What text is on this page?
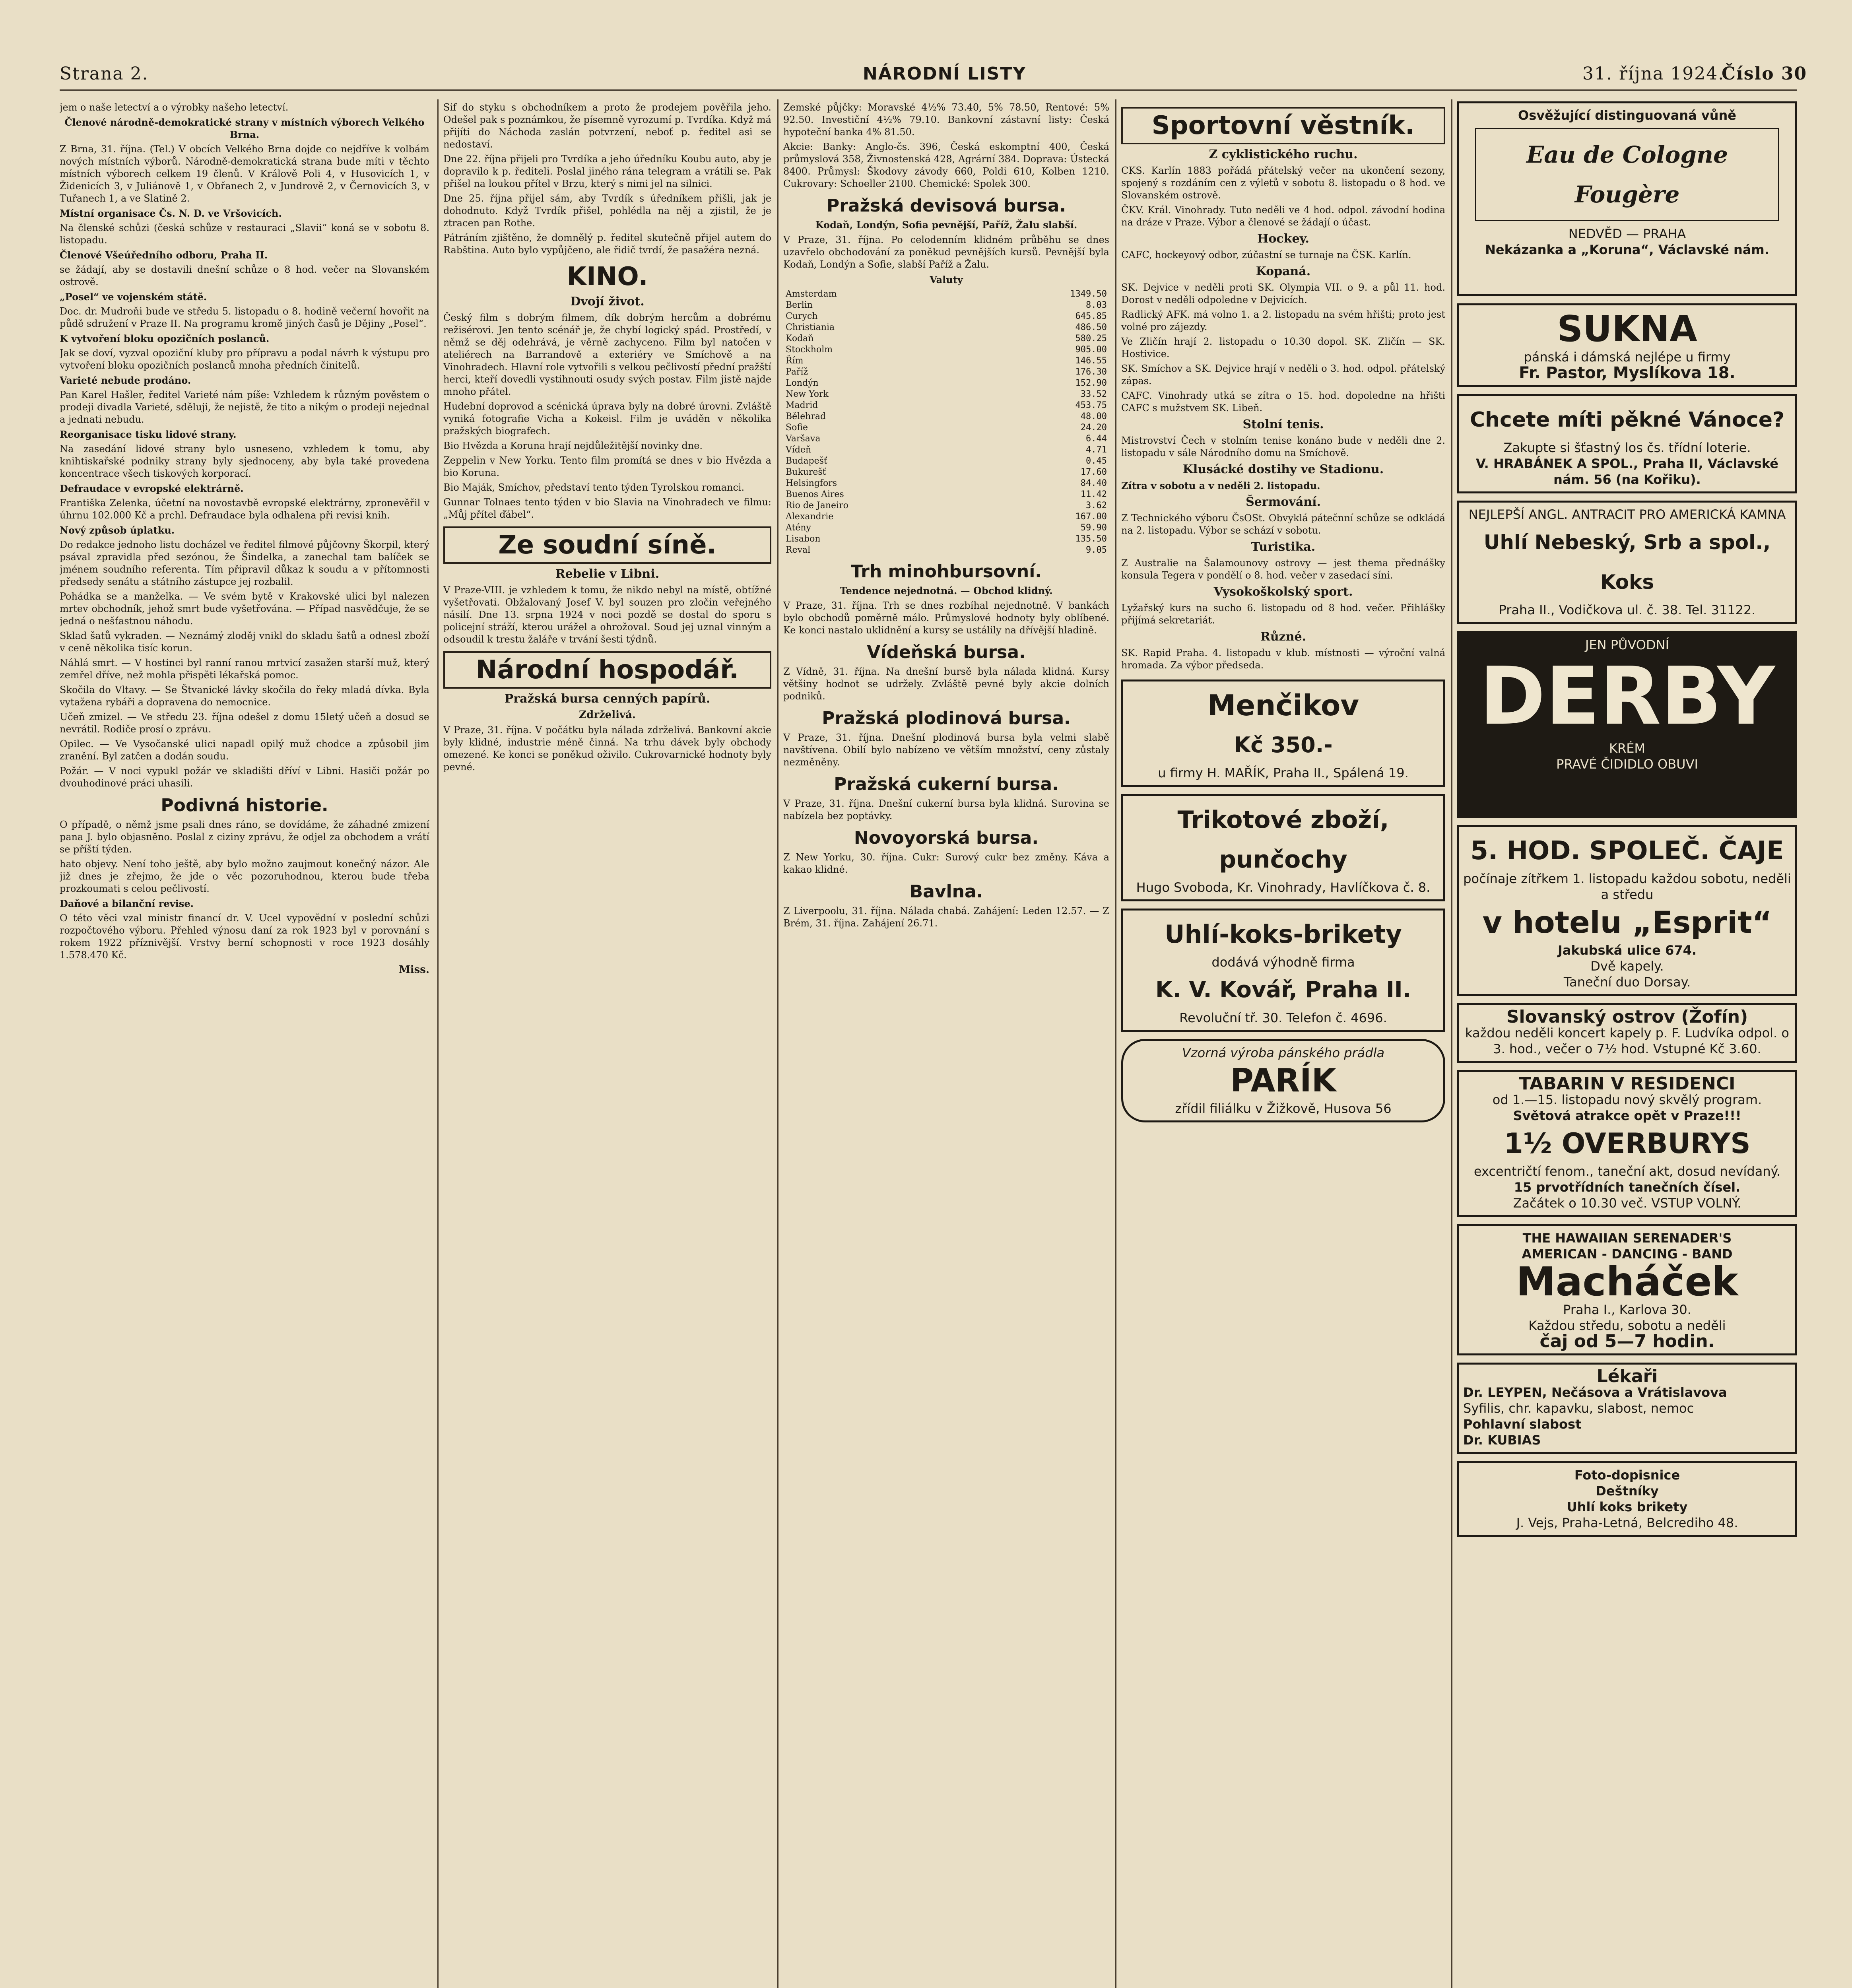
Strana 2.	NÁRODNÍ LISTY	31. října 1924.
Číslo 30

jem o naše letectví a o výrobky našeho letectví.

Členové národně-demokratické strany v místních výborech Velkého Brna.

Z Brna, 31. října. (Tel.) V obcích Velkého Brna dojde co nejdříve k volbám nových místních výborů. Národně-demokratická strana bude míti v těchto místních výborech celkem 19 členů. V Králově Poli 4, v Husovicích 1, v Židenicích 3, v Juliánově 1, v Obřanech 2, v Jundrově 2, v Černovicích 3, v Tuřanech 1, a ve Slatině 2.

Místní organisace Čs. N. D. ve Vršovicích.

Na členské schůzi (česká schůze v restauraci „Slavii“ koná se v sobotu 8. listopadu.

Členové Všeúředního odboru, Praha II.

se žádají, aby se dostavili dnešní schůze o 8 hod. večer na Slovanském ostrově.

„Posel“ ve vojenském státě.

Doc. dr. Mudroňi bude ve středu 5. listopadu o 8. hodině večerní hovořit na půdě sdružení v Praze II. Na programu kromě jiných časů je Dějiny „Posel“.

K vytvoření bloku opozičních poslanců.

Jak se doví, vyzval opoziční kluby pro přípravu a podal návrh k výstupu pro vytvoření bloku opozičních poslanců mnoha předních činitelů.

Varieté nebude prodáno.

Pan Karel Hašler, ředitel Varieté nám píše: Vzhledem k různým pověstem o prodeji divadla Varieté, sděluji, že nejistě, že tito a nikým o prodeji nejednal a jednati nebudu.

Reorganisace tisku lidové strany.

Na zasedání lidové strany bylo usneseno, vzhledem k tomu, aby knihtiskařské podniky strany byly sjednoceny, aby byla také provedena koncentrace všech tiskových korporací.

Defraudace v evropské elektrárně.

Františka Zelenka, účetní na novostavbě evropské elektrárny, zpronevěřil v úhrnu 102.000 Kč a prchl. Defraudace byla odhalena při revisi knih.

Nový způsob úplatku.

Do redakce jednoho listu docházel ve ředitel filmové půjčovny Škorpil, který psával zpravidla před sezónou, že Šindelka, a zanechal tam balíček se jménem soudního referenta. Tím připravil důkaz k soudu a v přítomnosti předsedy senátu a státního zástupce jej rozbalil.

Pohádka se a manželka. — Ve svém bytě v Krakovské ulici byl nalezen mrtev obchodník, jehož smrt bude vyšetřována. — Případ nasvědčuje, že se jedná o nešťastnou náhodu.

Sklad šatů vykraden. — Neznámý zloděj vnikl do skladu šatů a odnesl zboží v ceně několika tisíc korun.

Náhlá smrt. — V hostinci byl ranní ranou mrtvicí zasažen starší muž, který zemřel dříve, než mohla přispěti lékařská pomoc.

Skočila do Vltavy. — Se Štvanické lávky skočila do řeky mladá dívka. Byla vytažena rybáři a dopravena do nemocnice.

Učeň zmizel. — Ve středu 23. října odešel z domu 15letý učeň a dosud se nevrátil. Rodiče prosí o zprávu.

Opilec. — Ve Vysočanské ulici napadl opilý muž chodce a způsobil jim zranění. Byl zatčen a dodán soudu.

Požár. — V noci vypukl požár ve skladišti dříví v Libni. Hasiči požár po dvouhodinové práci uhasili.

Podivná historie.

O případě, o němž jsme psali dnes ráno, se dovídáme, že záhadné zmizení pana J. bylo objasněno. Poslal z ciziny zprávu, že odjel za obchodem a vrátí se příští týden.

hato objevy. Není toho ještě, aby bylo možno zaujmout konečný názor. Ale již dnes je zřejmo, že jde o věc pozoruhodnou, kterou bude třeba prozkoumati s celou pečlivostí.

Daňové a bilanční revise.

O této věci vzal ministr financí dr. V. Ucel vypovědní v poslední schůzi rozpočtového výboru. Přehled výnosu daní za rok 1923 byl v porovnání s rokem 1922 příznivější. Vrstvy berní schopnosti v roce 1923 dosáhly 1.578.470 Kč.

Miss.

Sif do styku s obchodníkem a proto že prodejem pověřila jeho. Odešel pak s poznámkou, že písemně vyrozumí p. Tvrdíka. Když má přijíti do Náchoda zaslán potvrzení, neboť p. ředitel asi se nedostaví.

Dne 22. října přijeli pro Tvrdíka a jeho úředníku Koubu auto, aby je dopravilo k p. řediteli. Poslal jiného rána telegram a vrátili se. Pak přišel na loukou přítel v Brzu, který s nimi jel na silnici.

Dne 25. října přijel sám, aby Tvrdík s úředníkem přišli, jak je dohodnuto. Když Tvrdík přišel, pohlédla na něj a zjistil, že je ztracen pan Rothe.

Pátráním zjištěno, že domnělý p. ředitel skutečně přijel autem do Rabština. Auto bylo vypůjčeno, ale řidič tvrdí, že pasažéra nezná.

KINO.
Dvojí život.

Český film s dobrým filmem, dík dobrým hercům a dobrému režisérovi. Jen tento scénář je, že chybí logický spád. Prostředí, v němž se děj odehrává, je věrně zachyceno. Film byl natočen v ateliérech na Barrandově a exteriéry ve Smíchově a na Vinohradech. Hlavní role vytvořili s velkou pečlivostí přední pražští herci, kteří dovedli vystihnouti osudy svých postav. Film jistě najde mnoho přátel.

Hudební doprovod a scénická úprava byly na dobré úrovni. Zvláště vyniká fotografie Vicha a Kokeisl. Film je uváděn v několika pražských biografech.

Bio Hvězda a Koruna hrají nejdůležitější novinky dne.

Zeppelin v New Yorku. Tento film promítá se dnes v bio Hvězda a bio Koruna.

Bio Maják, Smíchov, představí tento týden Tyrolskou romanci.

Gunnar Tolnaes tento týden v bio Slavia na Vinohradech ve filmu: „Můj přítel ďábel“.

Ze soudní síně.
Rebelie v Libni.

V Praze-VIII. je vzhledem k tomu, že nikdo nebyl na místě, obtížné vyšetřovati. Obžalovaný Josef V. byl souzen pro zločin veřejného násilí. Dne 13. srpna 1924 v noci pozdě se dostal do sporu s policejní stráží, kterou urážel a ohrožoval. Soud jej uznal vinným a odsoudil k trestu žaláře v trvání šesti týdnů.

Národní hospodář.
Pražská bursa cenných papírů.
Zdrželivá.

V Praze, 31. října. V počátku byla nálada zdrželivá. Bankovní akcie byly klidné, industrie méně činná. Na trhu dávek byly obchody omezené. Ke konci se poněkud oživilo. Cukrovarnické hodnoty byly pevné.

Zemské půjčky: Moravské 4½% 73.40, 5% 78.50, Rentové: 5% 92.50. Investiční 4½% 79.10. Bankovní zástavní listy: Česká hypoteční banka 4% 81.50.

Akcie: Banky: Anglo-čs. 396, Česká eskomptní 400, Česká průmyslová 358, Živnostenská 428, Agrární 384. Doprava: Ústecká 8400. Průmysl: Škodovy závody 660, Poldi 610, Kolben 1210. Cukrovary: Schoeller 2100. Chemické: Spolek 300.

Pražská devisová bursa.
Kodaň, Londýn, Sofia pevnější, Paříž, Žalu slabší.

V Praze, 31. října. Po celodenním klidném průběhu se dnes uzavřelo obchodování za poněkud pevnějších kursů. Pevnější byla Kodaň, Londýn a Sofie, slabší Paříž a Žalu.

Valuty
Amsterdam	1349.50
Berlin	8.03
Curych	645.85
Christiania	486.50
Kodaň	580.25
Stockholm	905.00
Řím	146.55
Paříž	176.30
Londýn	152.90
New York	33.52
Madrid	453.75
Bělehrad	48.00
Sofie	24.20
Varšava	6.44
Vídeň	4.71
Budapešť	0.45
Bukurešť	17.60
Helsingfors	84.40
Buenos Aires	11.42
Rio de Janeiro	3.62
Alexandrie	167.00
Atény	59.90
Lisabon	135.50
Reval	9.05
Trh minohbursovní.
Tendence nejednotná. — Obchod klidný.

V Praze, 31. října. Trh se dnes rozbíhal nejednotně. V bankách bylo obchodů poměrně málo. Průmyslové hodnoty byly oblíbené. Ke konci nastalo uklidnění a kursy se ustálily na dřívější hladině.

Vídeňská bursa.

Z Vídně, 31. října. Na dnešní bursě byla nálada klidná. Kursy většiny hodnot se udržely. Zvláště pevné byly akcie dolních podniků.

Pražská plodinová bursa.

V Praze, 31. října. Dnešní plodinová bursa byla velmi slabě navštívena. Obilí bylo nabízeno ve větším množství, ceny zůstaly nezměněny.

Pražská cukerní bursa.

V Praze, 31. října. Dnešní cukerní bursa byla klidná. Surovina se nabízela bez poptávky.

Novoyorská bursa.

Z New Yorku, 30. října. Cukr: Surový cukr bez změny. Káva a kakao klidné.

Bavlna.

Z Liverpoolu, 31. října. Nálada chabá. Zahájení: Leden 12.57. — Z Brém, 31. října. Zahájení 26.71.

Sportovní věstník.
Z cyklistického ruchu.

CKS. Karlín 1883 pořádá přátelský večer na ukončení sezony, spojený s rozdáním cen z výletů v sobotu 8. listopadu o 8 hod. ve Slovanském ostrově.

ČKV. Král. Vinohrady. Tuto neděli ve 4 hod. odpol. závodní hodina na dráze v Praze. Výbor a členové se žádají o účast.

Hockey.

CAFC, hockeyový odbor, zúčastní se turnaje na ČSK. Karlín.

Kopaná.

SK. Dejvice v neděli proti SK. Olympia VII. o 9. a půl 11. hod. Dorost v neděli odpoledne v Dejvicích.

Radlický AFK. má volno 1. a 2. listopadu na svém hřišti; proto jest volné pro zájezdy.

Ve Zličín hrají 2. listopadu o 10.30 dopol. SK. Zličín — SK. Hostivice.

SK. Smíchov a SK. Dejvice hrají v neděli o 3. hod. odpol. přátelský zápas.

CAFC. Vinohrady utká se zítra o 15. hod. dopoledne na hřišti CAFC s mužstvem SK. Libeň.

Stolní tenis.

Mistrovství Čech v stolním tenise konáno bude v neděli dne 2. listopadu v sále Národního domu na Smíchově.

Klusácké dostihy ve Stadionu.

Zítra v sobotu a v neděli 2. listopadu.

Šermování.

Z Technického výboru ČsOSt. Obvyklá pátečnní schůze se odkládá na 2. listopadu. Výbor se schází v sobotu.

Turistika.

Z Australie na Šalamounovy ostrovy — jest thema přednášky konsula Tegera v pondělí o 8. hod. večer v zasedací síni.

Vysokoškolský sport.

Lyžařský kurs na sucho 6. listopadu od 8 hod. večer. Přihlášky přijímá sekretariát.

Různé.

SK. Rapid Praha. 4. listopadu v klub. místnosti — výroční valná hromada. Za výbor předseda.

Menčikov
Kč 350.-
u firmy H. MAŘÍK, Praha II., Spálená 19.
Trikotové zboží, punčochy
Hugo Svoboda, Kr. Vinohrady, Havlíčkova č. 8.
Uhlí-koks-brikety
dodává výhodně firma
K. V. Kovář, Praha II.
Revoluční tř. 30. Telefon č. 4696.
Vzorná výroba pánského prádla
PARÍK
zřídil filiálku v Žižkově, Husova 56
Osvěžující distinguovaná vůně
Eau de Cologne Fougère
NEDVĚD — PRAHA
Nekázanka a „Koruna“, Václavské nám.
SUKNA
pánská i dámská nejlépe u firmy
Fr. Pastor, Myslíkova 18.
Chcete míti pěkné Vánoce?
Zakupte si šťastný los čs. třídní loterie.
V. HRABÁNEK A SPOL., Praha II, Václavské nám. 56 (na Kořiku).
NEJLEPŠÍ ANGL. ANTRACIT PRO AMERICKÁ KAMNA
Uhlí Nebeský, Srb a spol., Koks
Praha II., Vodičkova ul. č. 38. Tel. 31122.
JEN PŮVODNÍ
DERBY
KRÉM
PRAVÉ ČIDIDLO OBUVI
5. HOD. SPOLEČ. ČAJE
počínaje zítřkem 1. listopadu každou sobotu, neděli a středu
v hotelu „Esprit“
Jakubská ulice 674.
Dvě kapely.
Taneční duo Dorsay.
Slovanský ostrov (Žofín)
každou neděli koncert kapely p. F. Ludvíka odpol. o 3. hod., večer o 7½ hod. Vstupné Kč 3.60.
TABARIN V RESIDENCI
od 1.—15. listopadu nový skvělý program.
Světová atrakce opět v Praze!!!
1½ OVERBURYS
excentričtí fenom., taneční akt, dosud nevídaný.
15 prvotřídních tanečních čísel.
Začátek o 10.30 več. VSTUP VOLNÝ.
THE HAWAIIAN SERENADER'S
AMERICAN - DANCING - BAND
Macháček
Praha I., Karlova 30.
Každou středu, sobotu a neděli
čaj od 5—7 hodin.
Lékaři
Dr. LEYPEN, Nečásova a Vrátislavova
Syfilis, chr. kapavku, slabost, nemoc
Pohlavní slabost
Dr. KUBIAS
Foto-dopisnice
Deštníky
Uhlí koks brikety
J. Vejs, Praha-Letná, Belcrediho 48.
